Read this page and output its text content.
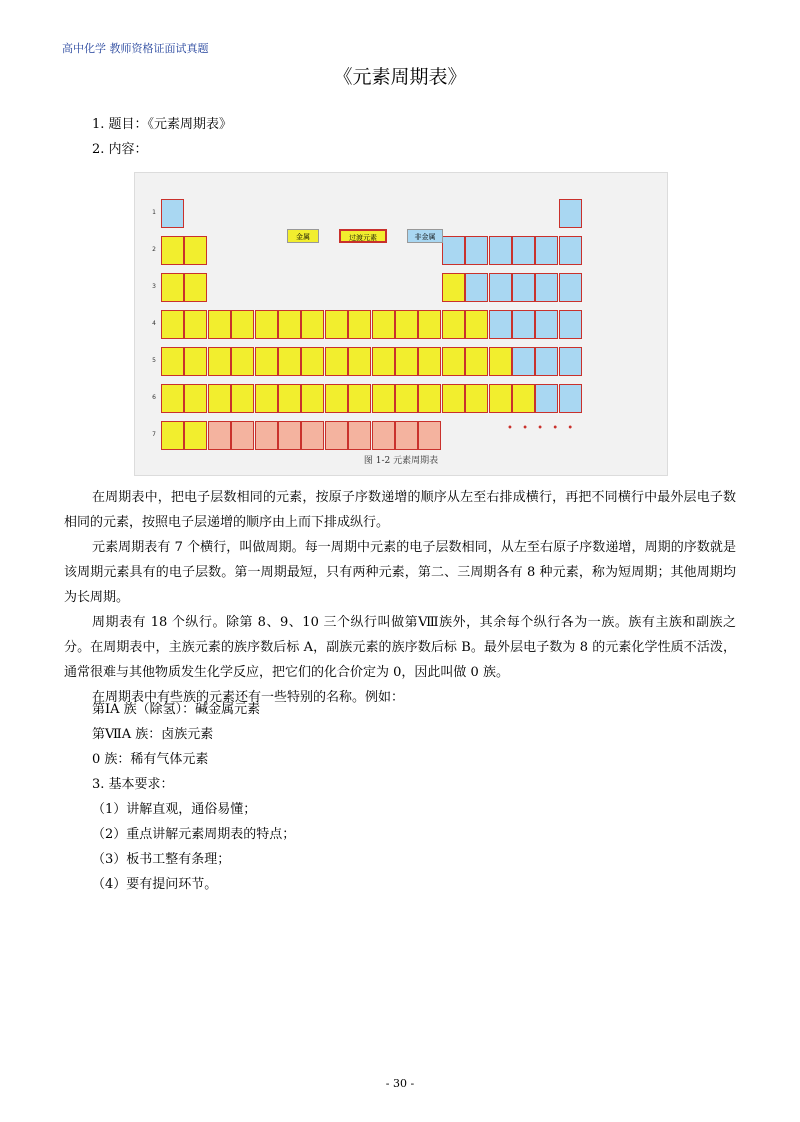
高中化学 教师资格证面试真题
《元素周期表》
1. 题目：《元素周期表》
2. 内容：
1
2
3
4
5
6
7
金属	过渡元素	非金属
• • • • •
图 1-2 元素周期表
在周期表中，把电子层数相同的元素，按原子序数递增的顺序从左至右排成横行，再把不同横行中最外层电子数相同的元素，按照电子层递增的顺序由上而下排成纵行。
元素周期表有 7 个横行，叫做周期。每一周期中元素的电子层数相同，从左至右原子序数递增，周期的序数就是该周期元素具有的电子层数。第一周期最短，只有两种元素，第二、三周期各有 8 种元素，称为短周期；其他周期均为长周期。
周期表有 18 个纵行。除第 8、9、10 三个纵行叫做第Ⅷ族外，其余每个纵行各为一族。族有主族和副族之分。在周期表中，主族元素的族序数后标 A，副族元素的族序数后标 B。最外层电子数为 8 的元素化学性质不活泼，通常很难与其他物质发生化学反应，把它们的化合价定为 0，因此叫做 0 族。
在周期表中有些族的元素还有一些特别的名称。例如：
第ⅠA 族（除氢）：碱金属元素
第ⅦA 族：卤族元素
0 族：稀有气体元素
3. 基本要求：
（1）讲解直观，通俗易懂；
（2）重点讲解元素周期表的特点；
（3）板书工整有条理；
（4）要有提问环节。
- 30 -
